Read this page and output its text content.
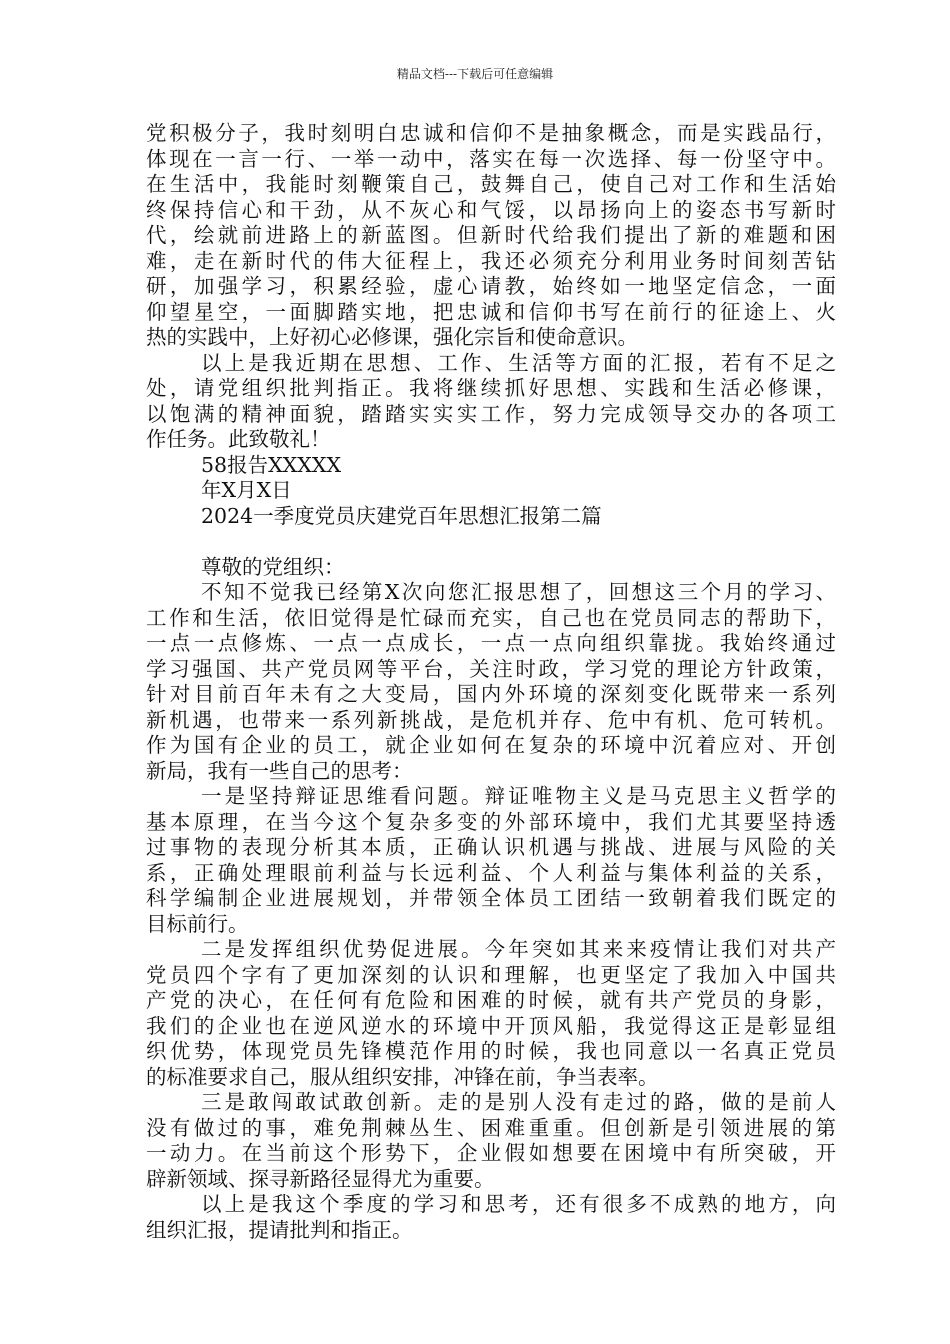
精品文档---下载后可任意编辑
党积极分子，我时刻明白忠诚和信仰不是抽象概念，而是实践品行，
体现在一言一行、一举一动中，落实在每一次选择、每一份坚守中。
在生活中，我能时刻鞭策自己，鼓舞自己，使自己对工作和生活始
终保持信心和干劲，从不灰心和气馁，以昂扬向上的姿态书写新时
代，绘就前进路上的新蓝图。但新时代给我们提出了新的难题和困
难，走在新时代的伟大征程上，我还必须充分利用业务时间刻苦钻
研，加强学习，积累经验，虚心请教，始终如一地坚定信念，一面
仰望星空，一面脚踏实地，把忠诚和信仰书写在前行的征途上、火
热的实践中，上好初心必修课，强化宗旨和使命意识。
以上是我近期在思想、工作、生活等方面的汇报，若有不足之
处，请党组织批判指正。我将继续抓好思想、实践和生活必修课，
以饱满的精神面貌，踏踏实实实工作，努力完成领导交办的各项工
作任务。此致敬礼！
58报告XXXXX
年X月X日
2024一季度党员庆建党百年思想汇报第二篇
尊敬的党组织：
不知不觉我已经第X次向您汇报思想了，回想这三个月的学习、
工作和生活，依旧觉得是忙碌而充实，自己也在党员同志的帮助下，
一点一点修炼、一点一点成长，一点一点向组织靠拢。我始终通过
学习强国、共产党员网等平台，关注时政，学习党的理论方针政策，
针对目前百年未有之大变局，国内外环境的深刻变化既带来一系列
新机遇，也带来一系列新挑战，是危机并存、危中有机、危可转机。
作为国有企业的员工，就企业如何在复杂的环境中沉着应对、开创
新局，我有一些自己的思考：
一是坚持辩证思维看问题。辩证唯物主义是马克思主义哲学的
基本原理，在当今这个复杂多变的外部环境中，我们尤其要坚持透
过事物的表现分析其本质，正确认识机遇与挑战、进展与风险的关
系，正确处理眼前利益与长远利益、个人利益与集体利益的关系，
科学编制企业进展规划，并带领全体员工团结一致朝着我们既定的
目标前行。
二是发挥组织优势促进展。今年突如其来来疫情让我们对共产
党员四个字有了更加深刻的认识和理解，也更坚定了我加入中国共
产党的决心，在任何有危险和困难的时候，就有共产党员的身影，
我们的企业也在逆风逆水的环境中开顶风船，我觉得这正是彰显组
织优势，体现党员先锋模范作用的时候，我也同意以一名真正党员
的标准要求自己，服从组织安排，冲锋在前，争当表率。
三是敢闯敢试敢创新。走的是别人没有走过的路，做的是前人
没有做过的事，难免荆棘丛生、困难重重。但创新是引领进展的第
一动力。在当前这个形势下，企业假如想要在困境中有所突破，开
辟新领域、探寻新路径显得尤为重要。
以上是我这个季度的学习和思考，还有很多不成熟的地方，向
组织汇报，提请批判和指正。
